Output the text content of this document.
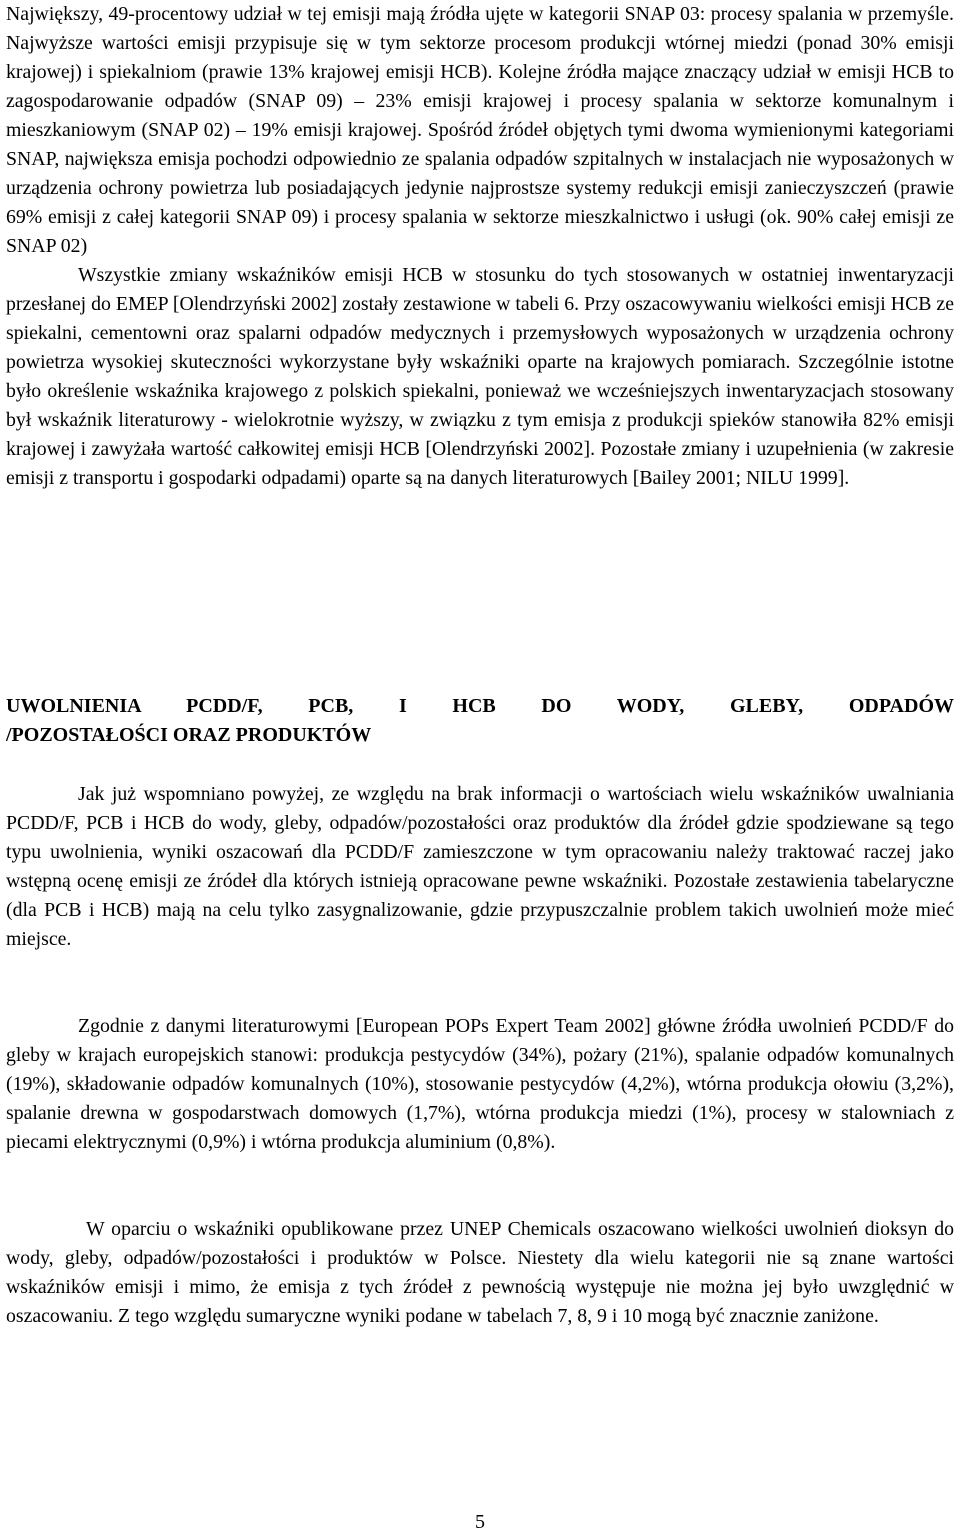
Największy, 49-procentowy udział w tej emisji mają źródła ujęte w kategorii SNAP 03: procesy spalania w przemyśle. Najwyższe wartości emisji przypisuje się w tym sektorze procesom produkcji wtórnej miedzi (ponad 30% emisji krajowej) i spiekalniom (prawie 13% krajowej emisji HCB). Kolejne źródła mające znaczący udział w emisji HCB to zagospodarowanie odpadów (SNAP 09) – 23% emisji krajowej i procesy spalania w sektorze komunalnym i mieszkaniowym (SNAP 02) – 19% emisji krajowej. Spośród źródeł objętych tymi dwoma wymienionymi kategoriami SNAP, największa emisja pochodzi odpowiednio ze spalania odpadów szpitalnych w instalacjach nie wyposażonych w urządzenia ochrony powietrza lub posiadających jedynie najprostsze systemy redukcji emisji zanieczyszczeń (prawie 69% emisji z całej kategorii SNAP 09) i procesy spalania w sektorze mieszkalnictwo i usługi (ok. 90% całej emisji ze SNAP 02)

Wszystkie zmiany wskaźników emisji HCB w stosunku do tych stosowanych w ostatniej inwentaryzacji przesłanej do EMEP [Olendrzyński 2002] zostały zestawione w tabeli 6. Przy oszacowywaniu wielkości emisji HCB ze spiekalni, cementowni oraz spalarni odpadów medycznych i przemysłowych wyposażonych w urządzenia ochrony powietrza wysokiej skuteczności wykorzystane były wskaźniki oparte na krajowych pomiarach. Szczególnie istotne było określenie wskaźnika krajowego z polskich spiekalni, ponieważ we wcześniejszych inwentaryzacjach stosowany był wskaźnik literaturowy - wielokrotnie wyższy, w związku z tym emisja z produkcji spieków stanowiła 82% emisji krajowej i zawyżała wartość całkowitej emisji HCB [Olendrzyński 2002]. Pozostałe zmiany i uzupełnienia (w zakresie emisji z transportu i gospodarki odpadami) oparte są na danych literaturowych [Bailey 2001; NILU 1999].

UWOLNIENIA PCDD/F, PCB, I HCB DO WODY, GLEBY, ODPADÓW
/POZOSTAŁOŚCI ORAZ PRODUKTÓW

Jak już wspomniano powyżej, ze względu na brak informacji o wartościach wielu wskaźników uwalniania PCDD/F, PCB i HCB do wody, gleby, odpadów/pozostałości oraz produktów dla źródeł gdzie spodziewane są tego typu uwolnienia, wyniki oszacowań dla PCDD/F zamieszczone w tym opracowaniu należy traktować raczej jako wstępną ocenę emisji ze źródeł dla których istnieją opracowane pewne wskaźniki. Pozostałe zestawienia tabelaryczne (dla PCB i HCB) mają na celu tylko zasygnalizowanie, gdzie przypuszczalnie problem takich uwolnień może mieć miejsce.

Zgodnie z danymi literaturowymi [European POPs Expert Team 2002] główne źródła uwolnień PCDD/F do gleby w krajach europejskich stanowi: produkcja pestycydów (34%), pożary (21%), spalanie odpadów komunalnych (19%), składowanie odpadów komunalnych (10%), stosowanie pestycydów (4,2%), wtórna produkcja ołowiu (3,2%), spalanie drewna w gospodarstwach domowych (1,7%), wtórna produkcja miedzi (1%), procesy w stalowniach z piecami elektrycznymi (0,9%) i wtórna produkcja aluminium (0,8%).

W oparciu o wskaźniki opublikowane przez UNEP Chemicals oszacowano wielkości uwolnień dioksyn do wody, gleby, odpadów/pozostałości i produktów w Polsce. Niestety dla wielu kategorii nie są znane wartości wskaźników emisji i mimo, że emisja z tych źródeł z pewnością występuje nie można jej było uwzględnić w oszacowaniu. Z tego względu sumaryczne wyniki podane w tabelach 7, 8, 9 i 10 mogą być znacznie zaniżone.

5
